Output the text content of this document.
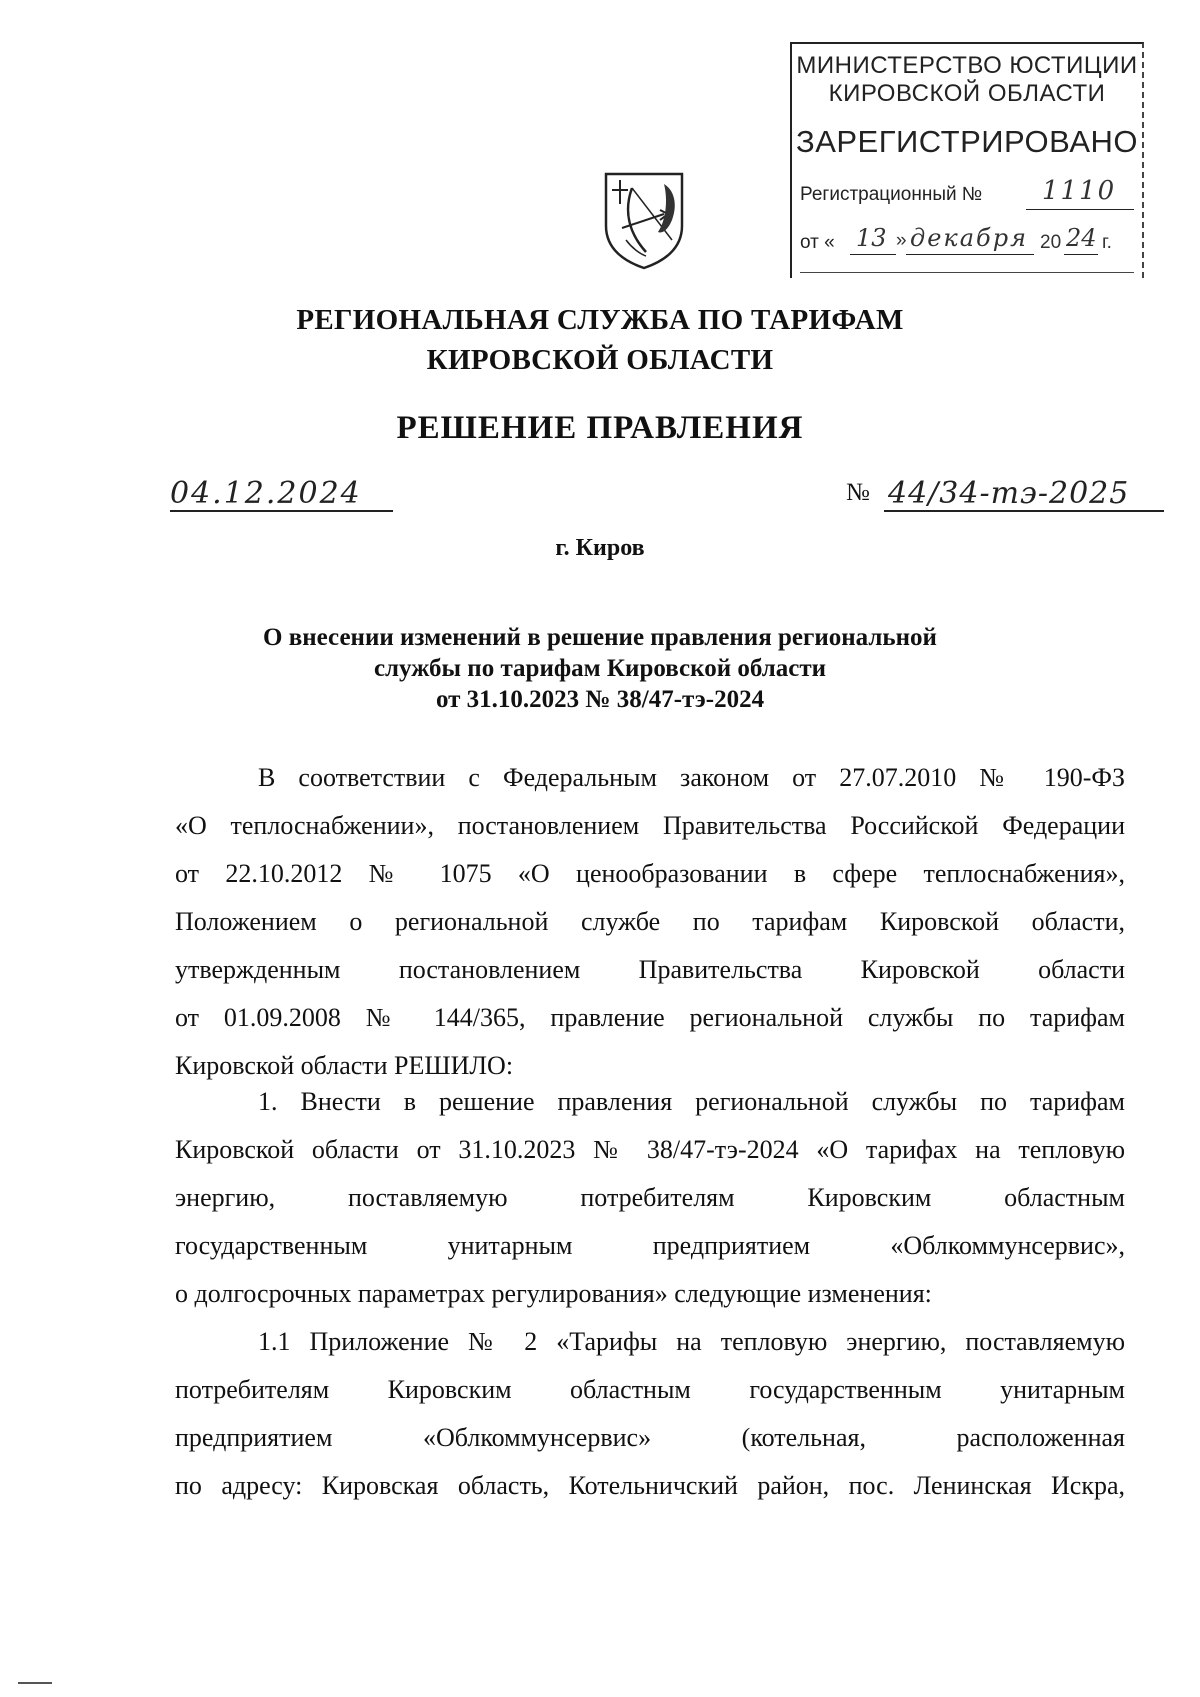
МИНИСТЕРСТВО ЮСТИЦИИ
КИРОВСКОЙ ОБЛАСТИ
ЗАРЕГИСТРИРОВАНО
Регистрационный № 1110
от « 13 » декабря 20 24 г.
РЕГИОНАЛЬНАЯ СЛУЖБА ПО ТАРИФАМ
КИРОВСКОЙ ОБЛАСТИ
РЕШЕНИЕ ПРАВЛЕНИЯ
04.12.2024	№ 44/34-тэ-2025
г. Киров
О внесении изменений в решение правления региональной
службы по тарифам Кировской области
от 31.10.2023 № 38/47-тэ-2024

В соответствии с Федеральным законом от 27.07.2010 № 190-ФЗ

«О теплоснабжении», постановлением Правительства Российской Федерации

от 22.10.2012 № 1075 «О ценообразовании в сфере теплоснабжения»,

Положением о региональной службе по тарифам Кировской области,

утвержденным постановлением Правительства Кировской области

от 01.09.2008 № 144/365, правление региональной службы по тарифам

Кировской области РЕШИЛО:

1. Внести в решение правления региональной службы по тарифам

Кировской области от 31.10.2023 № 38/47-тэ-2024 «О тарифах на тепловую

энергию, поставляемую потребителям Кировским областным

государственным унитарным предприятием «Облкоммунсервис»,

о долгосрочных параметрах регулирования» следующие изменения:

1.1 Приложение № 2 «Тарифы на тепловую энергию, поставляемую

потребителям Кировским областным государственным унитарным

предприятием «Облкоммунсервис» (котельная, расположенная

по адресу: Кировская область, Котельничский район, пос. Ленинская Искра,
